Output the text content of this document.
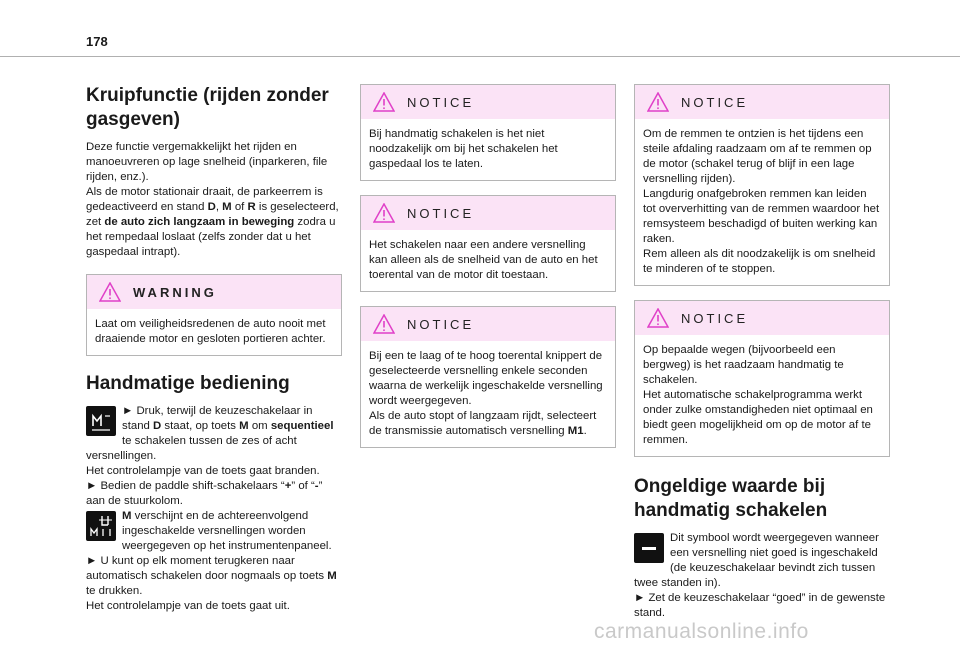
178
Kruipfunctie (rijden zonder gasgeven)

Deze functie vergemakkelijkt het rijden en manoeuvreren op lage snelheid (inparkeren, file rijden, enz.).

Als de motor stationair draait, de parkeerrem is gedeactiveerd en stand D, M of R is geselecteerd, zet de auto zich langzaam in beweging zodra u het rempedaal loslaat (zelfs zonder dat u het gaspedaal intrapt).

WARNING
Laat om veiligheidsredenen de auto nooit met draaiende motor en gesloten portieren achter.
Handmatige bediening

► Druk, terwijl de keuzeschakelaar in stand D staat, op toets M om sequentieel te schakelen tussen de zes of acht versnellingen.

Het controlelampje van de toets gaat branden.

► Bedien de paddle shift-schakelaars “+” of “-” aan de stuurkolom.

M verschijnt en de achtereenvolgend ingeschakelde versnellingen worden weergegeven op het instrumentenpaneel.

► U kunt op elk moment terugkeren naar automatisch schakelen door nogmaals op toets M te drukken.

Het controlelampje van de toets gaat uit.

NOTICE
Bij handmatig schakelen is het niet noodzakelijk om bij het schakelen het gaspedaal los te laten.
NOTICE
Het schakelen naar een andere versnelling kan alleen als de snelheid van de auto en het toerental van de motor dit toestaan.
NOTICE
Bij een te laag of te hoog toerental knippert de geselecteerde versnelling enkele seconden waarna de werkelijk ingeschakelde versnelling wordt weergegeven.
Als de auto stopt of langzaam rijdt, selecteert de transmissie automatisch versnelling M1.
NOTICE
Om de remmen te ontzien is het tijdens een steile afdaling raadzaam om af te remmen op de motor (schakel terug of blijf in een lage versnelling rijden).
Langdurig onafgebroken remmen kan leiden tot oververhitting van de remmen waardoor het remsysteem beschadigd of buiten werking kan raken.
Rem alleen als dit noodzakelijk is om snelheid te minderen of te stoppen.
NOTICE
Op bepaalde wegen (bijvoorbeeld een bergweg) is het raadzaam handmatig te schakelen.
Het automatische schakelprogramma werkt onder zulke omstandigheden niet optimaal en biedt geen mogelijkheid om op de motor af te remmen.
Ongeldige waarde bij handmatig schakelen

Dit symbool wordt weergegeven wanneer een versnelling niet goed is ingeschakeld (de keuzeschakelaar bevindt zich tussen twee standen in).

► Zet de keuzeschakelaar “goed” in de gewenste stand.

carmanualsonline.info
